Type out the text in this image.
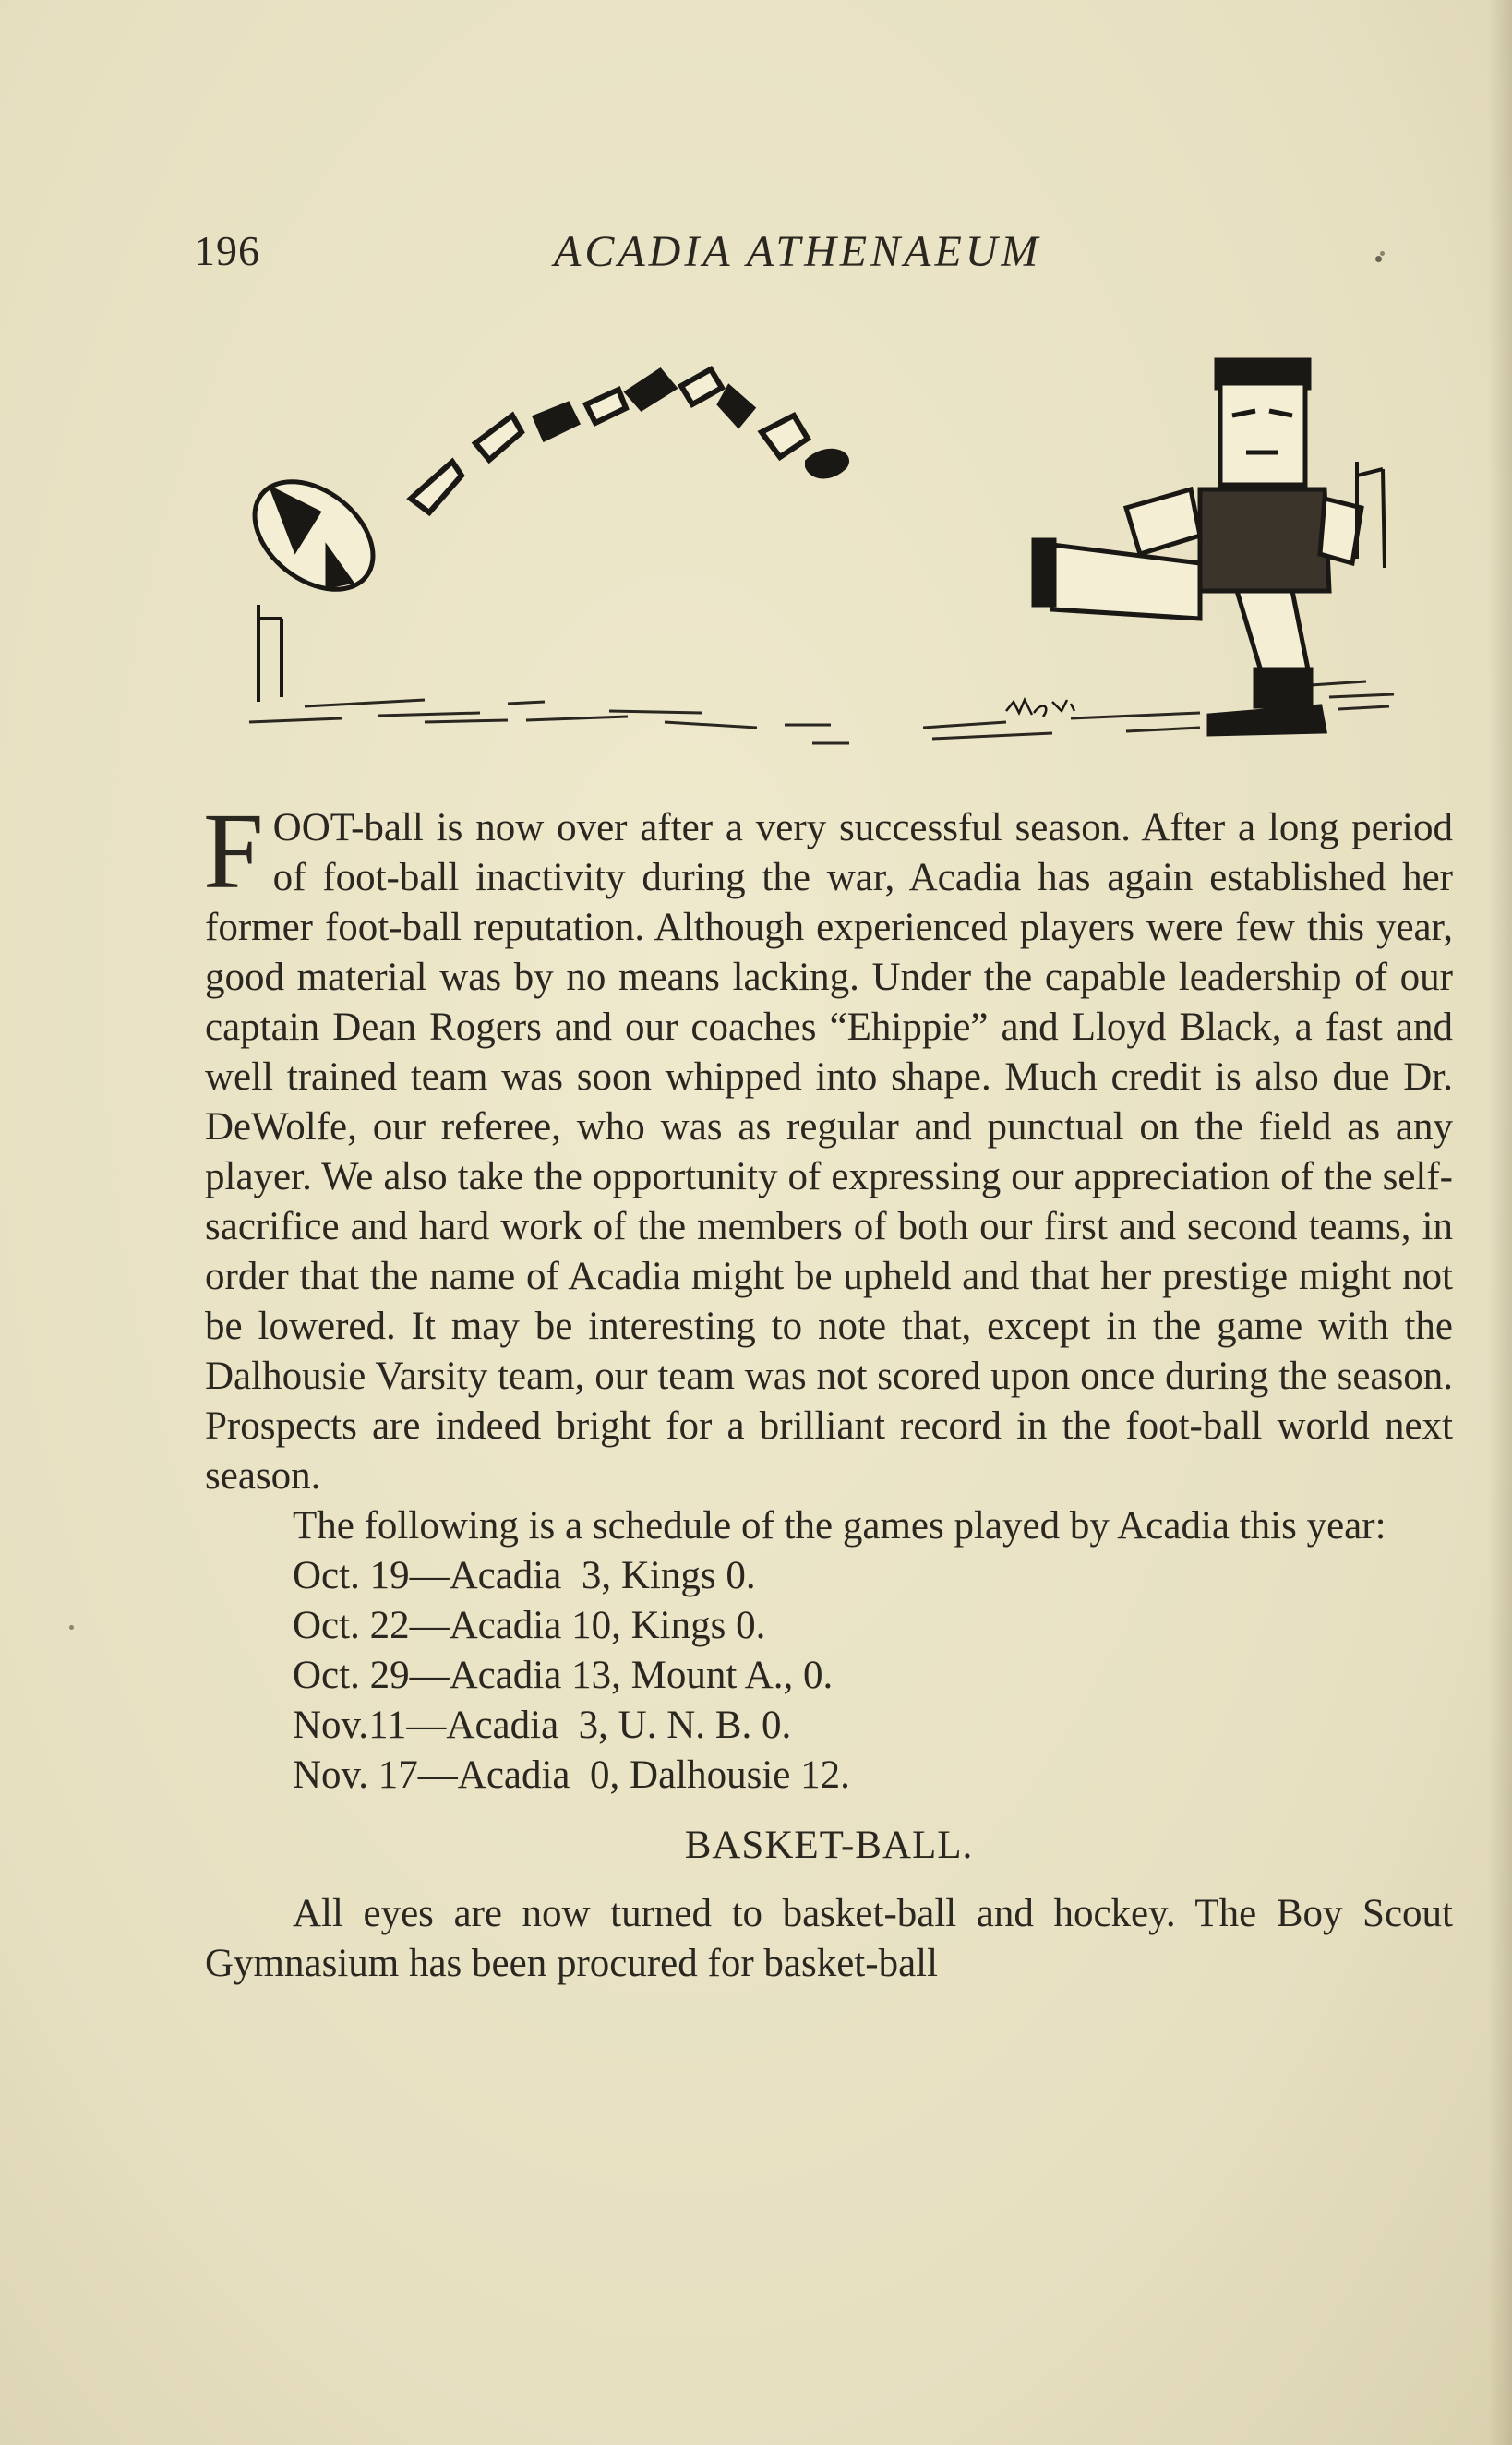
196	ACADIA ATHENAEUM

FOOT-ball is now over after a very successful season. After a long period of foot-ball inactivity during the war, Acadia has again established her former foot-ball reputation. Although experienced players were few this year, good material was by no means lacking. Under the capable leadership of our captain Dean Rogers and our coaches “Ehippie” and Lloyd Black, a fast and well trained team was soon whipped into shape. Much credit is also due Dr. DeWolfe, our referee, who was as regular and punctual on the field as any player. We also take the opportunity of expressing our appreciation of the self-sacrifice and hard work of the members of both our first and second teams, in order that the name of Acadia might be upheld and that her prestige might not be lowered. It may be interesting to note that, except in the game with the Dalhousie Varsity team, our team was not scored upon once during the season. Prospects are indeed bright for a brilliant record in the foot-ball world next season.

The following is a schedule of the games played by Acadia this year:

Oct. 19—Acadia  3, Kings 0.
Oct. 22—Acadia 10, Kings 0.
Oct. 29—Acadia 13, Mount A., 0.
Nov.11—Acadia  3, U. N. B. 0.
Nov. 17—Acadia  0, Dalhousie 12.
BASKET-BALL.

All eyes are now turned to basket-ball and hockey. The Boy Scout Gymnasium has been procured for basket-ball
